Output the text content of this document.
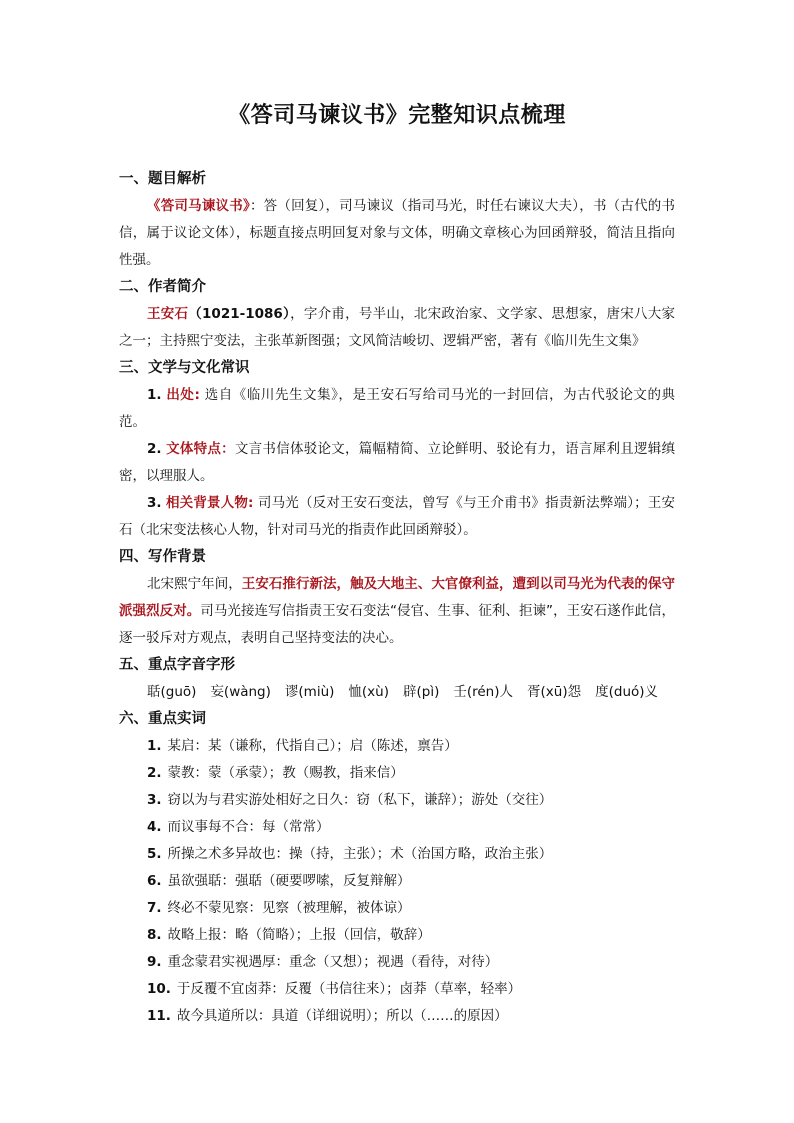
《答司马谏议书》完整知识点梳理
一、题目解析

《答司马谏议书》：答（回复），司马谏议（指司马光，时任右谏议大夫），书（古代的书信，属于议论文体），标题直接点明回复对象与文体，明确文章核心为回函辩驳，简洁且指向性强。

二、作者简介

王安石（1021-1086），字介甫，号半山，北宋政治家、文学家、思想家，唐宋八大家之一；主持熙宁变法，主张革新图强；文风简洁峻切、逻辑严密，著有《临川先生文集》

三、文学与文化常识

1. 出处: 选自《临川先生文集》，是王安石写给司马光的一封回信，为古代驳论文的典范。

2. 文体特点：文言书信体驳论文，篇幅精简、立论鲜明、驳论有力，语言犀利且逻辑缜密，以理服人。

3. 相关背景人物: 司马光（反对王安石变法，曾写《与王介甫书》指责新法弊端）；王安石（北宋变法核心人物，针对司马光的指责作此回函辩驳）。

四、写作背景

北宋熙宁年间，王安石推行新法，触及大地主、大官僚利益，遭到以司马光为代表的保守派强烈反对。司马光接连写信指责王安石变法“侵官、生事、征利、拒谏”，王安石遂作此信，逐一驳斥对方观点，表明自己坚持变法的决心。

五、重点字音字形
聒(guō) 妄(wàng) 谬(miù) 恤(xù) 辟(pì) 壬(rén)人 胥(xū)怨 度(duó)义
六、重点实词
1. 某启：某（谦称，代指自己）；启（陈述，禀告）
2. 蒙教：蒙（承蒙）；教（赐教，指来信）
3. 窃以为与君实游处相好之日久：窃（私下，谦辞）；游处（交往）
4. 而议事每不合：每（常常）
5. 所操之术多异故也：操（持，主张）；术（治国方略，政治主张）
6. 虽欲强聒：强聒（硬要啰嗦，反复辩解）
7. 终必不蒙见察：见察（被理解，被体谅）
8. 故略上报：略（简略）；上报（回信，敬辞）
9. 重念蒙君实视遇厚：重念（又想）；视遇（看待，对待）
10. 于反覆不宜卤莽：反覆（书信往来）；卤莽（草率，轻率）
11. 故今具道所以：具道（详细说明）；所以（……的原因）
